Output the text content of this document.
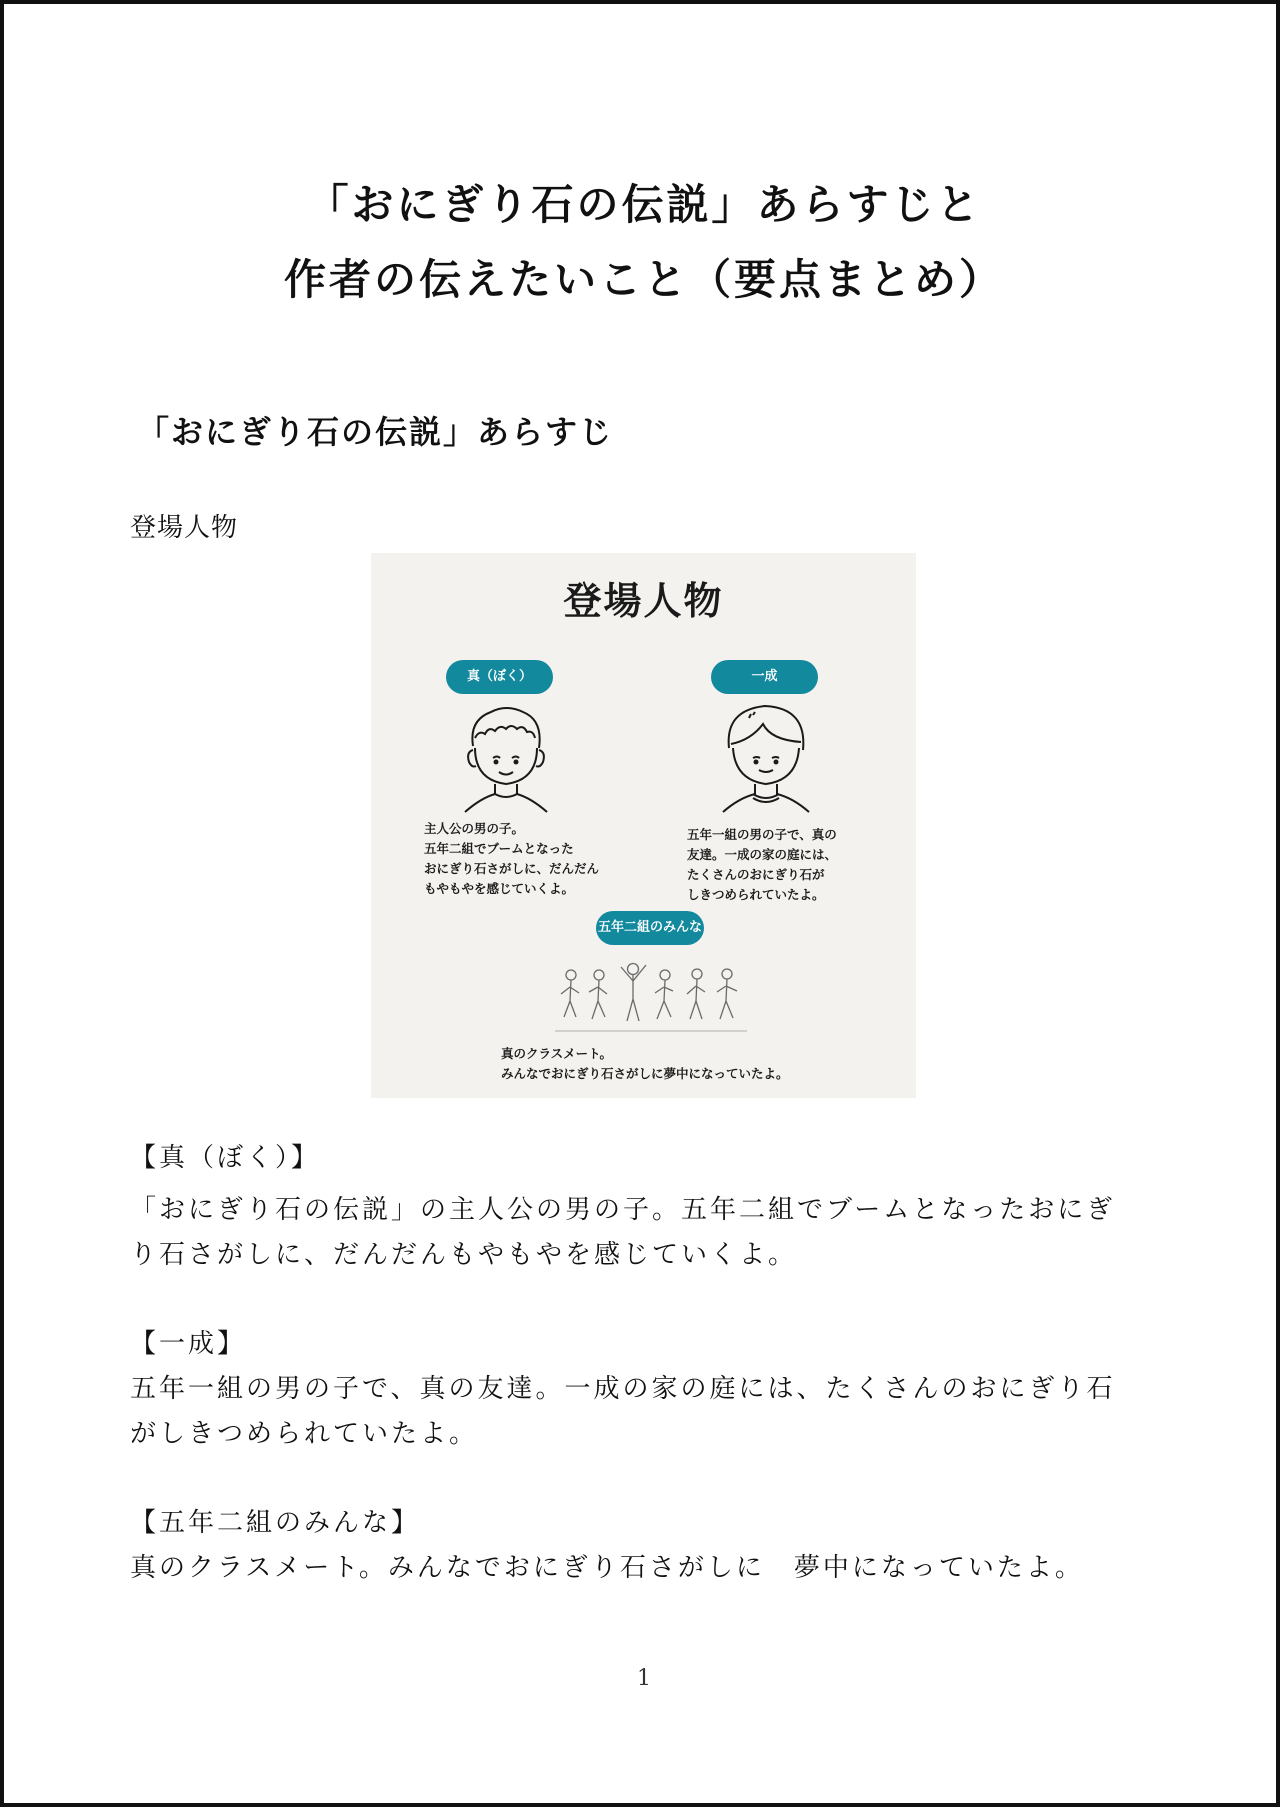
「おにぎり石の伝説」あらすじと
作者の伝えたいこと（要点まとめ）
「おにぎり石の伝説」あらすじ

登場人物

登場人物
真（ぼく）	一成
主人公の男の子。
五年二組でブームとなった
おにぎり石さがしに、だんだん
もやもやを感じていくよ。
五年一組の男の子で、真の
友達。一成の家の庭には、
たくさんのおにぎり石が
しきつめられていたよ。
五年二組のみんな
真のクラスメート。
みんなでおにぎり石さがしに夢中になっていたよ。

【真（ぼく）】

「おにぎり石の伝説」の主人公の男の子。五年二組でブームとなったおにぎ

り石さがしに、だんだんもやもやを感じていくよ。

【一成】

五年一組の男の子で、真の友達。一成の家の庭には、たくさんのおにぎり石

がしきつめられていたよ。

【五年二組のみんな】

真のクラスメート。みんなでおにぎり石さがしに　夢中になっていたよ。

1
